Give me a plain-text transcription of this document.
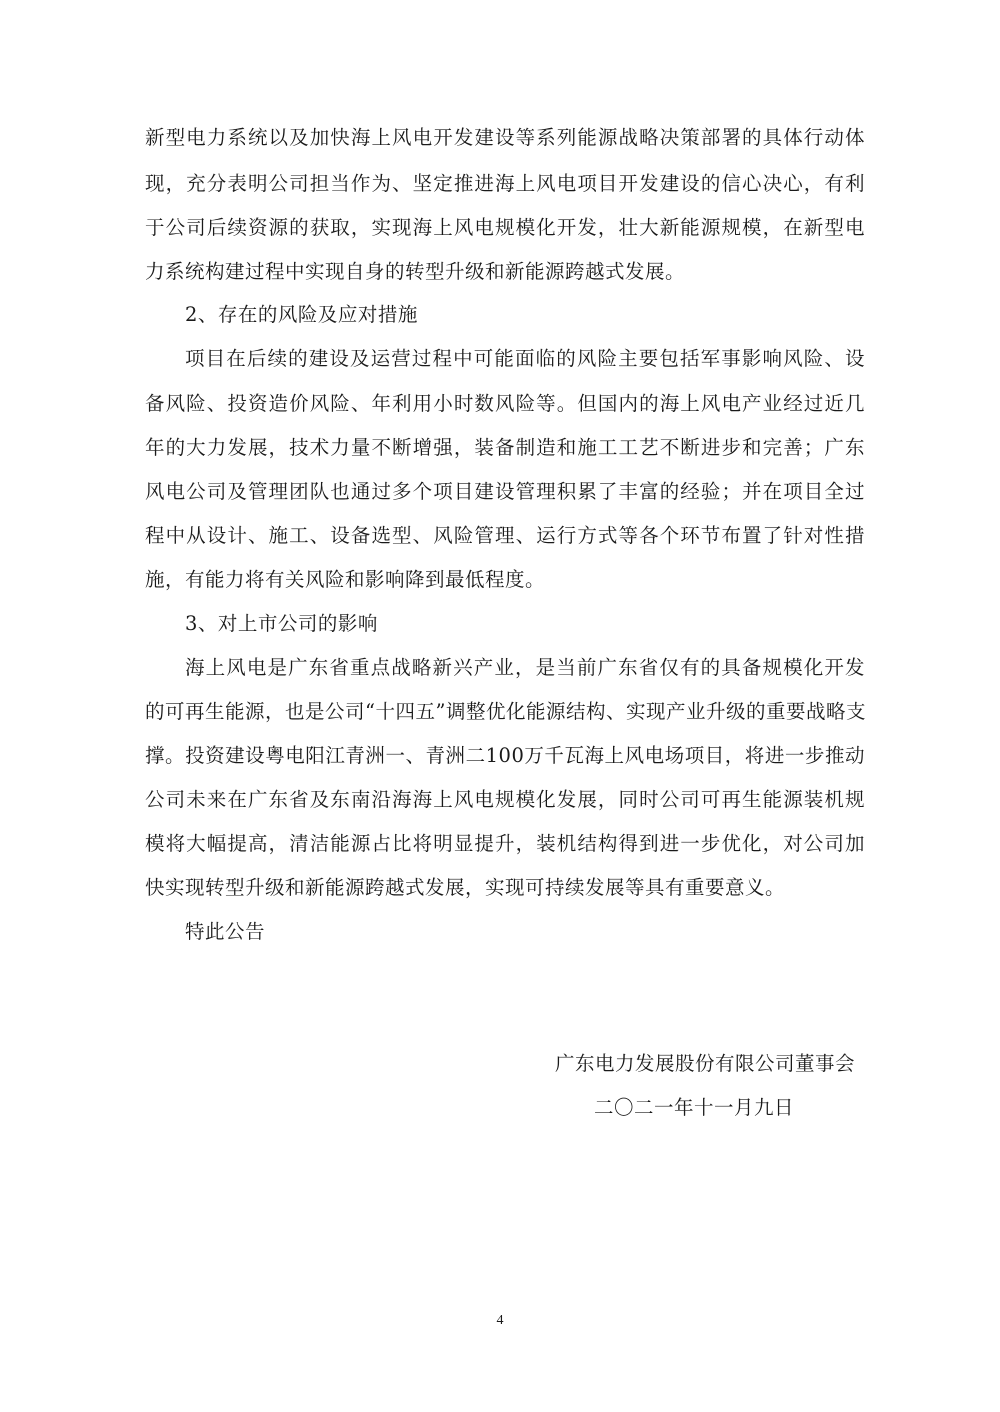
新型电力系统以及加快海上风电开发建设等系列能源战略决策部署的具体行动体
现，充分表明公司担当作为、坚定推进海上风电项目开发建设的信心决心，有利
于公司后续资源的获取，实现海上风电规模化开发，壮大新能源规模，在新型电
力系统构建过程中实现自身的转型升级和新能源跨越式发展。
2、存在的风险及应对措施
项目在后续的建设及运营过程中可能面临的风险主要包括军事影响风险、设
备风险、投资造价风险、年利用小时数风险等。但国内的海上风电产业经过近几
年的大力发展，技术力量不断增强，装备制造和施工工艺不断进步和完善；广东
风电公司及管理团队也通过多个项目建设管理积累了丰富的经验；并在项目全过
程中从设计、施工、设备选型、风险管理、运行方式等各个环节布置了针对性措
施，有能力将有关风险和影响降到最低程度。
3、对上市公司的影响
海上风电是广东省重点战略新兴产业，是当前广东省仅有的具备规模化开发
的可再生能源，也是公司“十四五”调整优化能源结构、实现产业升级的重要战略支
撑。投资建设粤电阳江青洲一、青洲二100万千瓦海上风电场项目，将进一步推动
公司未来在广东省及东南沿海海上风电规模化发展，同时公司可再生能源装机规
模将大幅提高，清洁能源占比将明显提升，装机结构得到进一步优化，对公司加
快实现转型升级和新能源跨越式发展，实现可持续发展等具有重要意义。
特此公告
广东电力发展股份有限公司董事会
二〇二一年十一月九日
4
